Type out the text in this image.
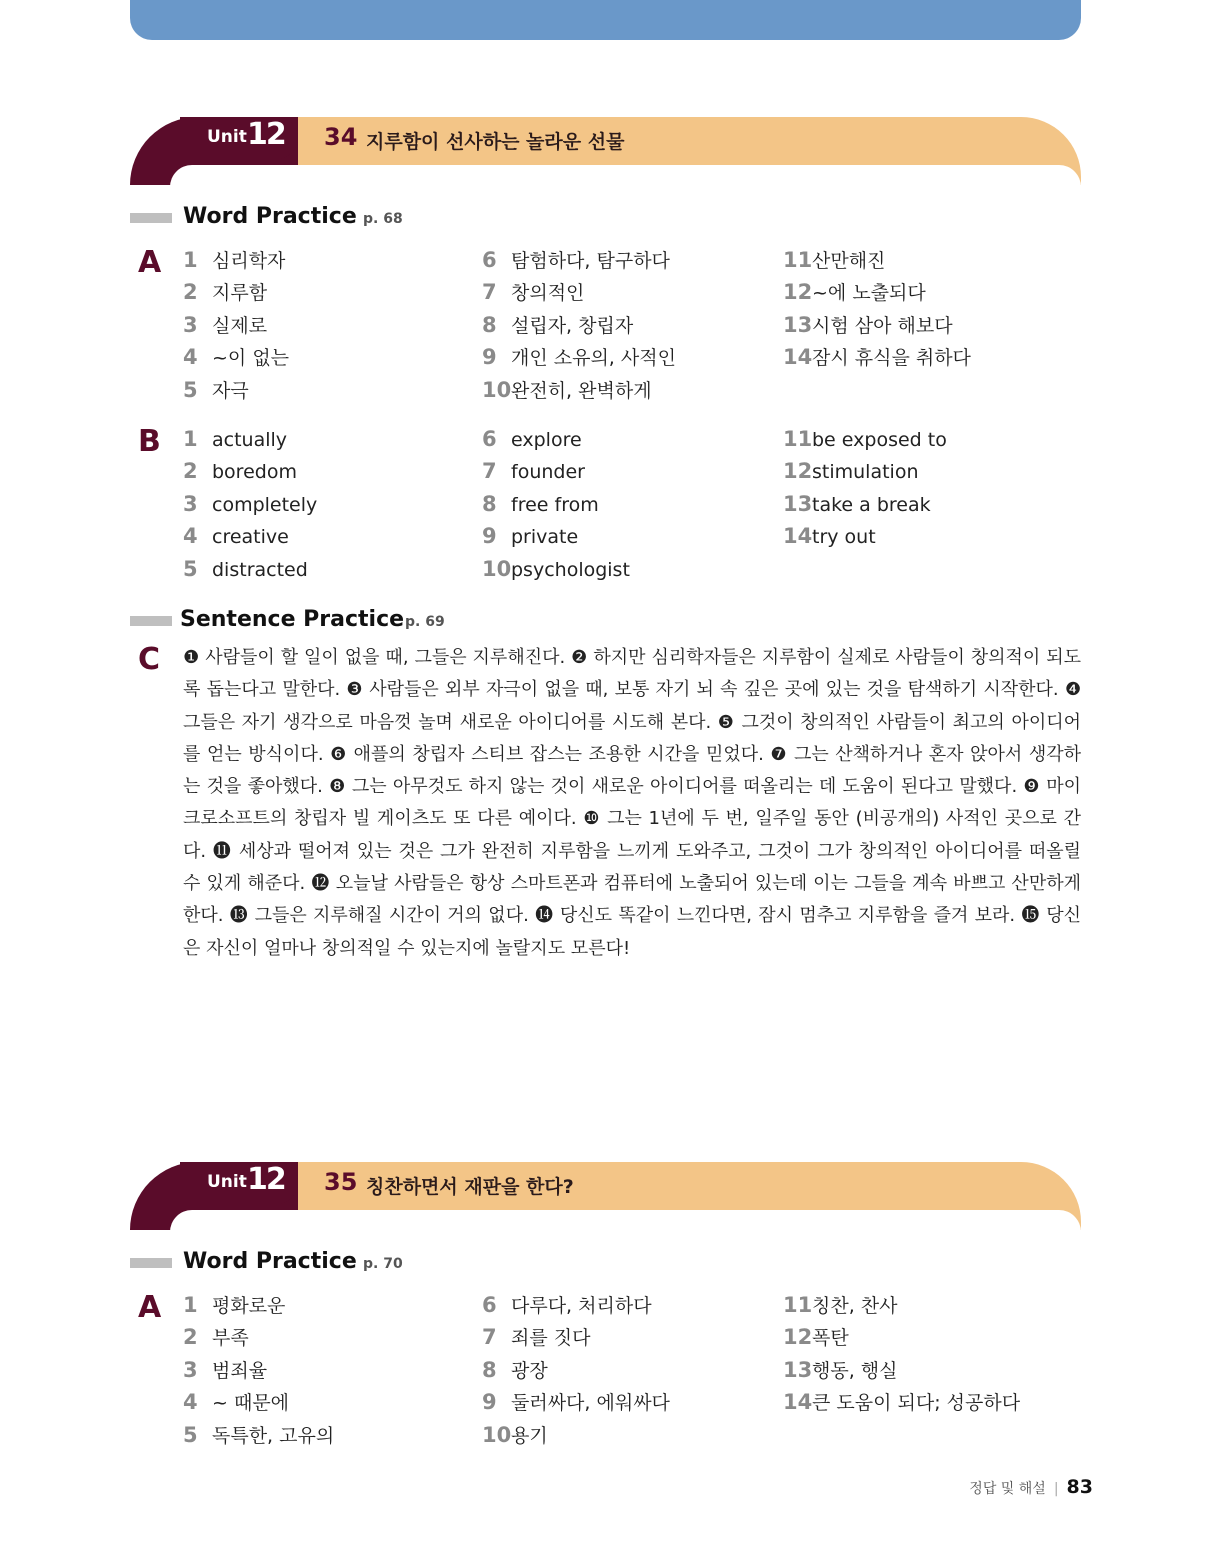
Unit 12 34 지루함이 선사하는 놀라운 선물
Word Practice p. 68
A 1 심리학자
2 지루함
3 실제로
4 ~이 없는
5 자극
6 탐험하다, 탐구하다
7 창의적인
8 설립자, 창립자
9 개인 소유의, 사적인
10완전히, 완벽하게
11산만해진
12~에 노출되다
13시험 삼아 해보다
14잠시 휴식을 취하다
B 1 actually
2 boredom
3 completely
4 creative
5 distracted
6 explore
7 founder
8 free from
9 private
10psychologist
11be exposed to
12stimulation
13take a break
14try out
Sentence Practice p. 69
C ❶ 사람들이 할 일이 없을 때, 그들은 지루해진다. ❷ 하지만 심리학자들은 지루함이 실제로 사람들이 창의적이 되도록 돕는다고 말한다. ❸ 사람들은 외부 자극이 없을 때, 보통 자기 뇌 속 깊은 곳에 있는 것을 탐색하기 시작한다. ❹ 그들은 자기 생각으로 마음껏 놀며 새로운 아이디어를 시도해 본다. ❺ 그것이 창의적인 사람들이 최고의 아이디어를 얻는 방식이다. ❻ 애플의 창립자 스티브 잡스는 조용한 시간을 믿었다. ❼ 그는 산책하거나 혼자 앉아서 생각하는 것을 좋아했다. ❽ 그는 아무것도 하지 않는 것이 새로운 아이디어를 떠올리는 데 도움이 된다고 말했다. ❾ 마이크로소프트의 창립자 빌 게이츠도 또 다른 예이다. ❿ 그는 1년에 두 번, 일주일 동안 (비공개의) 사적인 곳으로 간다. ⓫ 세상과 떨어져 있는 것은 그가 완전히 지루함을 느끼게 도와주고, 그것이 그가 창의적인 아이디어를 떠올릴 수 있게 해준다. ⓬ 오늘날 사람들은 항상 스마트폰과 컴퓨터에 노출되어 있는데 이는 그들을 계속 바쁘고 산만하게 한다. ⓭ 그들은 지루해질 시간이 거의 없다. ⓮ 당신도 똑같이 느낀다면, 잠시 멈추고 지루함을 즐겨 보라. ⓯ 당신은 자신이 얼마나 창의적일 수 있는지에 놀랄지도 모른다!

Unit 12 35 칭찬하면서 재판을 한다?
Word Practice p. 70
A 1 평화로운
2 부족
3 범죄율
4 ~ 때문에
5 독특한, 고유의
6 다루다, 처리하다
7 죄를 짓다
8 광장
9 둘러싸다, 에워싸다
10용기
11칭찬, 찬사
12폭탄
13행동, 행실
14큰 도움이 되다; 성공하다
정답 및 해설 | 83
